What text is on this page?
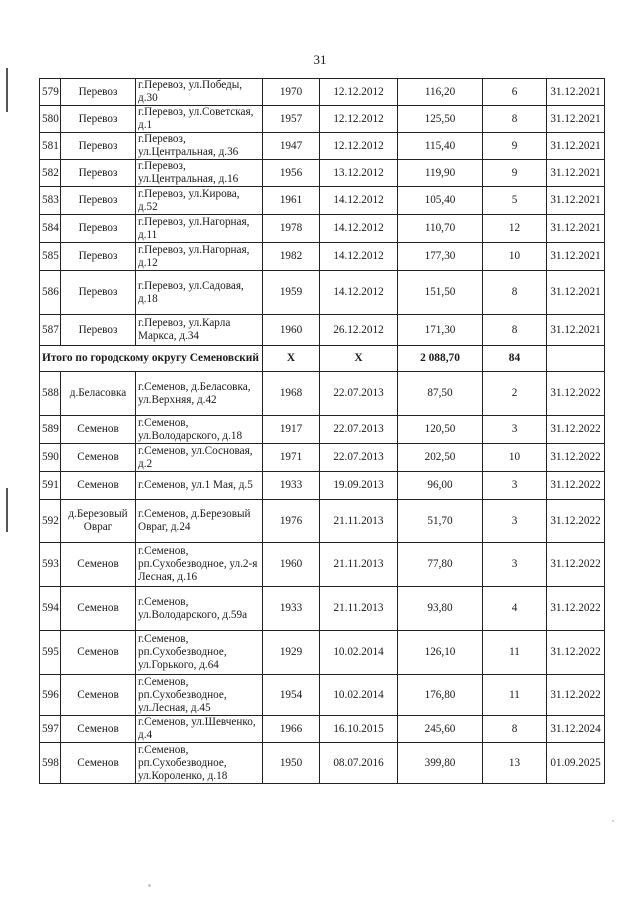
31
579	Перевоз	г.Перевоз, ул.Победы, д.30	1970	12.12.2012	116,20	6	31.12.2021
580	Перевоз	г.Перевоз, ул.Советская, д.1	1957	12.12.2012	125,50	8	31.12.2021
581	Перевоз	г.Перевоз, ул.Центральная, д.36	1947	12.12.2012	115,40	9	31.12.2021
582	Перевоз	г.Перевоз, ул.Центральная, д.16	1956	13.12.2012	119,90	9	31.12.2021
583	Перевоз	г.Перевоз, ул.Кирова, д.52	1961	14.12.2012	105,40	5	31.12.2021
584	Перевоз	г.Перевоз, ул.Нагорная, д.11	1978	14.12.2012	110,70	12	31.12.2021
585	Перевоз	г.Перевоз, ул.Нагорная, д.12	1982	14.12.2012	177,30	10	31.12.2021
586	Перевоз	г.Перевоз, ул.Садовая, д.18	1959	14.12.2012	151,50	8	31.12.2021
587	Перевоз	г.Перевоз, ул.Карла Маркса, д.34	1960	26.12.2012	171,30	8	31.12.2021
Итого по городскому округу Семеновский			X	X	2 088,70	84	
588	д.Беласовка	г.Семенов, д.Беласовка, ул.Верхняя, д.42	1968	22.07.2013	87,50	2	31.12.2022
589	Семенов	г.Семенов, ул.Володарского, д.18	1917	22.07.2013	120,50	3	31.12.2022
590	Семенов	г.Семенов, ул.Сосновая, д.2	1971	22.07.2013	202,50	10	31.12.2022
591	Семенов	г.Семенов, ул.1 Мая, д.5	1933	19.09.2013	96,00	3	31.12.2022
592	д.Березовый Овраг	г.Семенов, д.Березовый Овраг, д.24	1976	21.11.2013	51,70	3	31.12.2022
593	Семенов	г.Семенов, рп.Сухобезводное, ул.2-я Лесная, д.16	1960	21.11.2013	77,80	3	31.12.2022
594	Семенов	г.Семенов, ул.Володарского, д.59а	1933	21.11.2013	93,80	4	31.12.2022
595	Семенов	г.Семенов, рп.Сухобезводное, ул.Горького, д.64	1929	10.02.2014	126,10	11	31.12.2022
596	Семенов	г.Семенов, рп.Сухобезводное, ул.Лесная, д.45	1954	10.02.2014	176,80	11	31.12.2022
597	Семенов	г.Семенов, ул.Шевченко, д.4	1966	16.10.2015	245,60	8	31.12.2024
598	Семенов	г.Семенов, рп.Сухобезводное, ул.Короленко, д.18	1950	08.07.2016	399,80	13	01.09.2025
